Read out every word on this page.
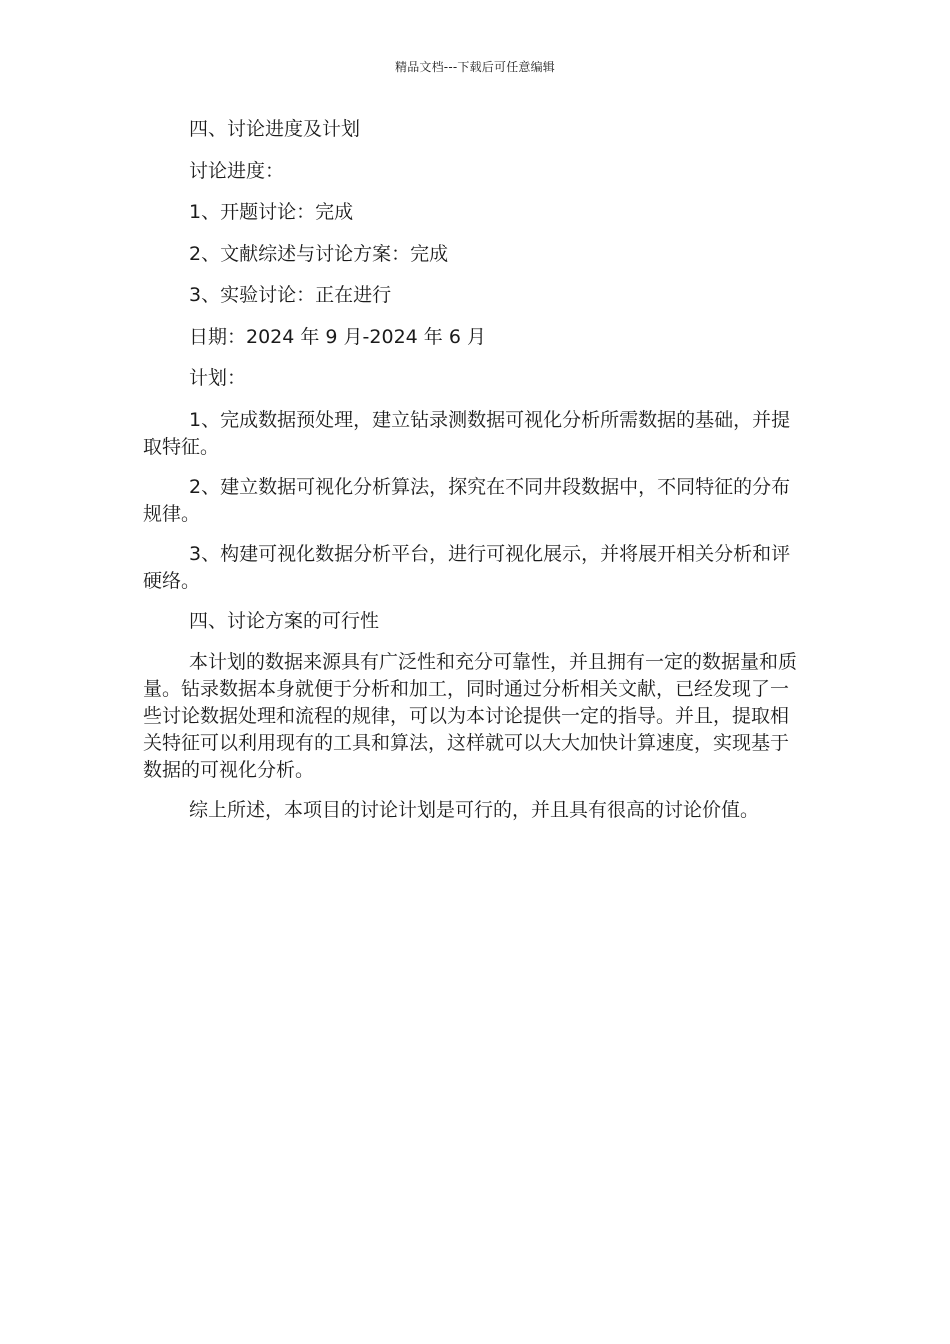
精品文档---下载后可任意编辑

四、讨论进度及计划

讨论进度：

1、开题讨论：完成

2、文献综述与讨论方案：完成

3、实验讨论：正在进行

日期：2024 年 9 月-2024 年 6 月

计划：

1、完成数据预处理，建立钻录测数据可视化分析所需数据的基础，并提取特征。

2、建立数据可视化分析算法，探究在不同井段数据中，不同特征的分布规律。

3、构建可视化数据分析平台，进行可视化展示，并将展开相关分析和评硬络。

四、讨论方案的可行性

本计划的数据来源具有广泛性和充分可靠性，并且拥有一定的数据量和质量。钻录数据本身就便于分析和加工，同时通过分析相关文献，已经发现了一些讨论数据处理和流程的规律，可以为本讨论提供一定的指导。并且，提取相关特征可以利用现有的工具和算法，这样就可以大大加快计算速度，实现基于数据的可视化分析。

综上所述，本项目的讨论计划是可行的，并且具有很高的讨论价值。
